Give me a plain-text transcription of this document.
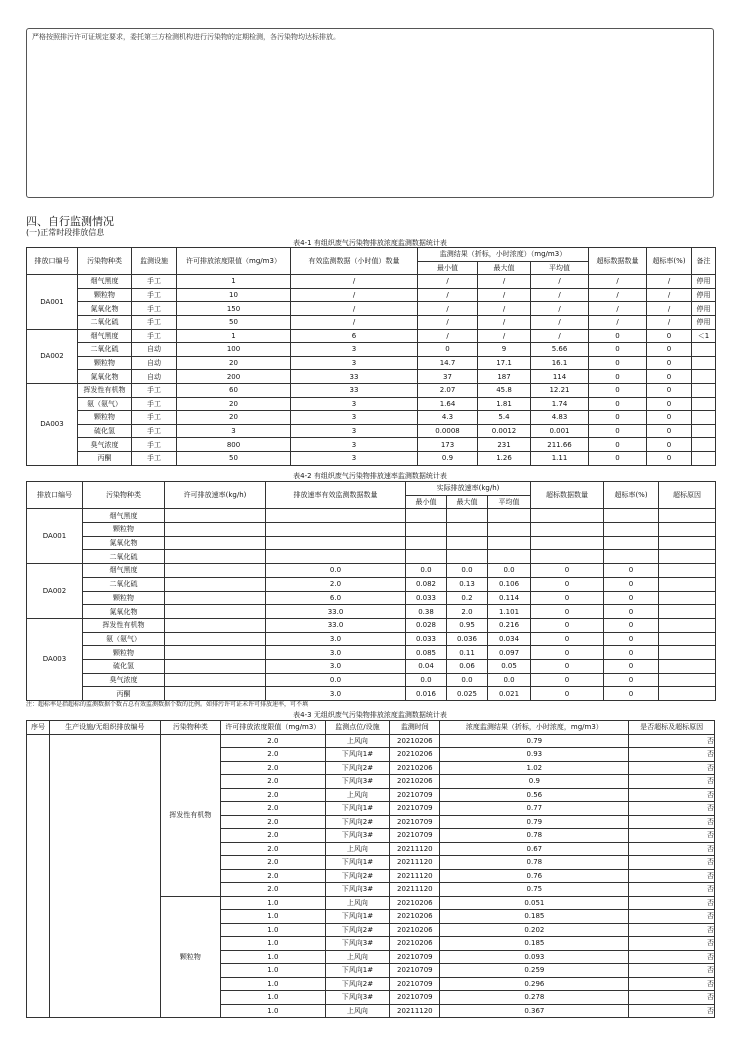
严格按照排污许可证规定要求，委托第三方检测机构进行污染物的定期检测，各污染物均达标排放。
四、自行监测情况
(一)正常时段排放信息
表4-1 有组织废气污染物排放浓度监测数据统计表
排放口编号	污染物种类	监测设施	许可排放浓度限值（mg/m3）	有效监测数据（小时值）数量	监测结果（折标，小时浓度）（mg/m3）			超标数据数量	超标率(%)	备注
					最小值	最大值	平均值			
DA001	烟气黑度	手工	1	/	/	/	/	/	/	停用
	颗粒物	手工	10	/	/	/	/	/	/	停用
	氮氧化物	手工	150	/	/	/	/	/	/	停用
	二氧化硫	手工	50	/	/	/	/	/	/	停用
DA002	烟气黑度	手工	1	6	/	/	/	0	0	＜1
	二氧化硫	自动	100	3	0	9	5.66	0	0	
	颗粒物	自动	20	3	14.7	17.1	16.1	0	0	
	氮氧化物	自动	200	33	37	187	114	0	0	
DA003	挥发性有机物	手工	60	33	2.07	45.8	12.21	0	0	
	氨（氨气）	手工	20	3	1.64	1.81	1.74	0	0	
	颗粒物	手工	20	3	4.3	5.4	4.83	0	0	
	硫化氢	手工	3	3	0.0008	0.0012	0.001	0	0	
	臭气浓度	手工	800	3	173	231	211.66	0	0	
	丙酮	手工	50	3	0.9	1.26	1.11	0	0	
表4-2 有组织废气污染物排放速率监测数据统计表
排放口编号	污染物种类	许可排放速率(kg/h)	排放速率有效监测数据数量	实际排放速率(kg/h)			超标数据数量	超标率(%)	超标原因
				最小值	最大值	平均值			
DA001	烟气黑度								
	颗粒物								
	氮氧化物								
	二氧化硫								
DA002	烟气黑度		0.0	0.0	0.0	0.0	0	0	
	二氧化硫		2.0	0.082	0.13	0.106	0	0	
	颗粒物		6.0	0.033	0.2	0.114	0	0	
	氮氧化物		33.0	0.38	2.0	1.101	0	0	
DA003	挥发性有机物		33.0	0.028	0.95	0.216	0	0	
	氨（氨气）		3.0	0.033	0.036	0.034	0	0	
	颗粒物		3.0	0.085	0.11	0.097	0	0	
	硫化氢		3.0	0.04	0.06	0.05	0	0	
	臭气浓度		0.0	0.0	0.0	0.0	0	0	
	丙酮		3.0	0.016	0.025	0.021	0	0	
注：超标率是指超标的监测数据个数占总有效监测数据个数的比例。如排污许可证未许可排放速率，可不填
表4-3 无组织废气污染物排放浓度监测数据统计表
序号	生产设施/无组织排放编号	污染物种类	许可排放浓度限值（mg/m3）	监测点位/设施	监测时间	浓度监测结果（折标，小时浓度，mg/m3）	是否超标及超标原因
		挥发性有机物	2.0	上风向	20210206	0.79	否
			2.0	下风向1#	20210206	0.93	否
			2.0	下风向2#	20210206	1.02	否
			2.0	下风向3#	20210206	0.9	否
			2.0	上风向	20210709	0.56	否
			2.0	下风向1#	20210709	0.77	否
			2.0	下风向2#	20210709	0.79	否
			2.0	下风向3#	20210709	0.78	否
			2.0	上风向	20211120	0.67	否
			2.0	下风向1#	20211120	0.78	否
			2.0	下风向2#	20211120	0.76	否
			2.0	下风向3#	20211120	0.75	否
		颗粒物	1.0	上风向	20210206	0.051	否
			1.0	下风向1#	20210206	0.185	否
			1.0	下风向2#	20210206	0.202	否
			1.0	下风向3#	20210206	0.185	否
			1.0	上风向	20210709	0.093	否
			1.0	下风向1#	20210709	0.259	否
			1.0	下风向2#	20210709	0.296	否
			1.0	下风向3#	20210709	0.278	否
			1.0	上风向	20211120	0.367	否
